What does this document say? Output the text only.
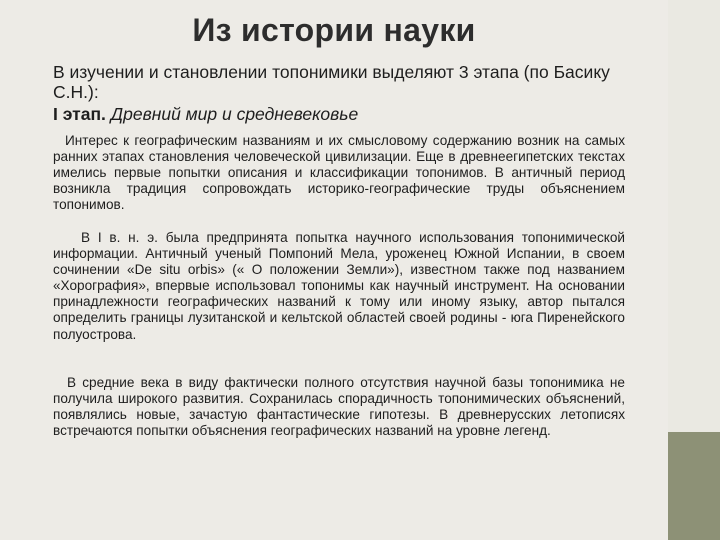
Из истории науки

В изучении и становлении топонимики выделяют 3 этапа (по Басику С.Н.):

I этап. Древний мир и средневековье

Интерес к географическим названиям и их смысловому содержанию возник на самых ранних этапах становления человеческой цивилизации. Еще в древнеегипетских текстах имелись первые попытки описания и классификации топонимов. В античный период возникла традиция сопровождать историко-географические труды объяснением топонимов.

В I в. н. э. была предпринята попытка научного использования топонимической информации. Античный ученый Помпоний Мела, уроженец Южной Испании, в своем сочинении «De situ orbis» (« О положении Земли»), известном также под названием «Хорография», впервые использовал топонимы как научный инструмент. На основании принадлежности географических названий к тому или иному языку, автор пытался определить границы лузитанской и кельтской областей своей родины - юга Пиренейского полуострова.

В средние века в виду фактически полного отсутствия научной базы топонимика не получила широкого развития. Сохранилась спорадичность топонимических объяснений, появлялись новые, зачастую фантастические гипотезы. В древнерусских летописях встречаются попытки объяснения географических названий на уровне легенд.
